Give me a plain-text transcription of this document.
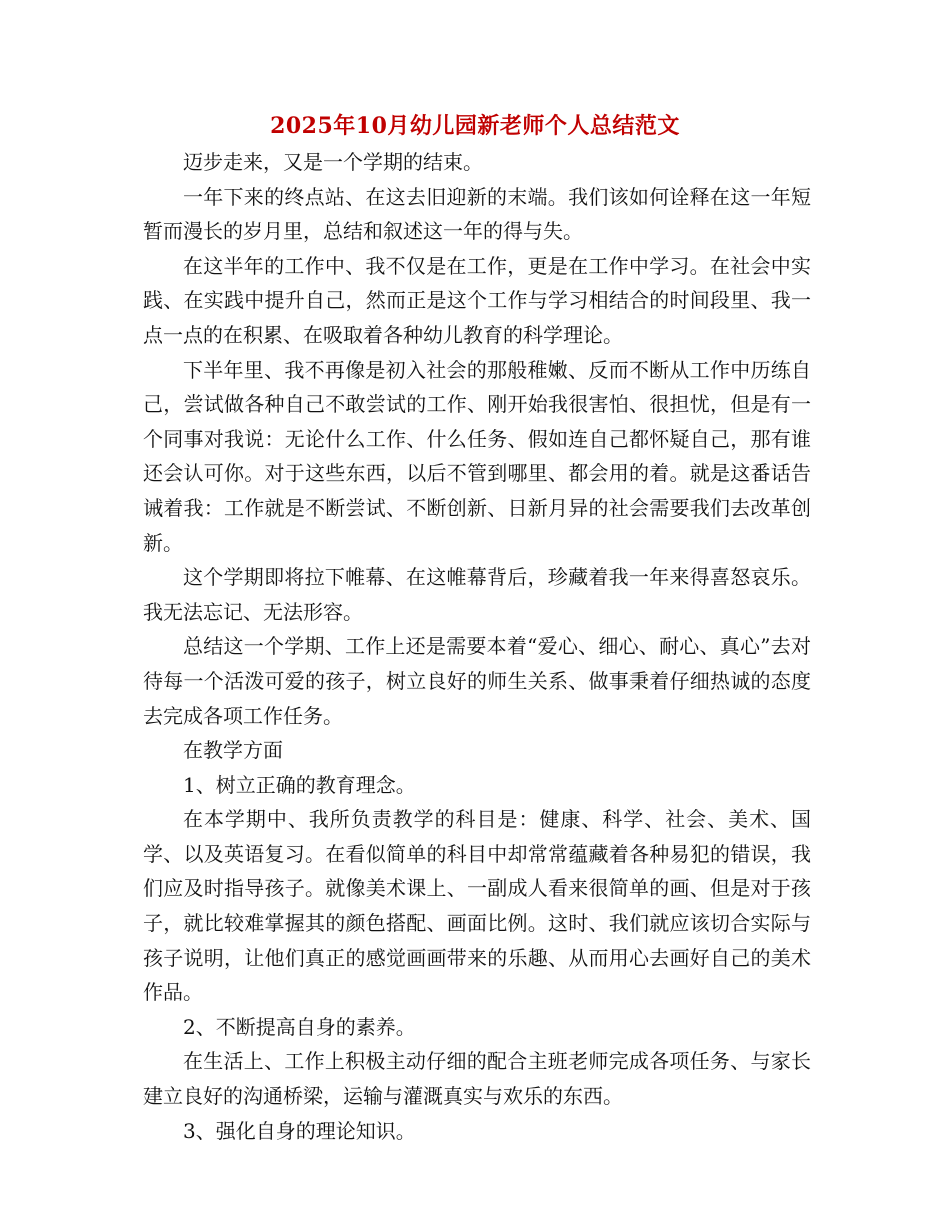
2025年10月幼儿园新老师个人总结范文

迈步走来，又是一个学期的结束。

一年下来的终点站、在这去旧迎新的末端。我们该如何诠释在这一年短暂而漫长的岁月里，总结和叙述这一年的得与失。

在这半年的工作中、我不仅是在工作，更是在工作中学习。在社会中实践、在实践中提升自己，然而正是这个工作与学习相结合的时间段里、我一点一点的在积累、在吸取着各种幼儿教育的科学理论。

下半年里、我不再像是初入社会的那般稚嫩、反而不断从工作中历练自己，尝试做各种自己不敢尝试的工作、刚开始我很害怕、很担忧，但是有一个同事对我说：无论什么工作、什么任务、假如连自己都怀疑自己，那有谁还会认可你。对于这些东西，以后不管到哪里、都会用的着。就是这番话告诫着我：工作就是不断尝试、不断创新、日新月异的社会需要我们去改革创新。

这个学期即将拉下帷幕、在这帷幕背后，珍藏着我一年来得喜怒哀乐。我无法忘记、无法形容。

总结这一个学期、工作上还是需要本着“爱心、细心、耐心、真心”去对待每一个活泼可爱的孩子，树立良好的师生关系、做事秉着仔细热诚的态度去完成各项工作任务。

在教学方面

1、树立正确的教育理念。

在本学期中、我所负责教学的科目是：健康、科学、社会、美术、国学、以及英语复习。在看似简单的科目中却常常蕴藏着各种易犯的错误，我们应及时指导孩子。就像美术课上、一副成人看来很简单的画、但是对于孩子，就比较难掌握其的颜色搭配、画面比例。这时、我们就应该切合实际与孩子说明，让他们真正的感觉画画带来的乐趣、从而用心去画好自己的美术作品。

2、不断提高自身的素养。

在生活上、工作上积极主动仔细的配合主班老师完成各项任务、与家长建立良好的沟通桥梁，运输与灌溉真实与欢乐的东西。

3、强化自身的理论知识。
